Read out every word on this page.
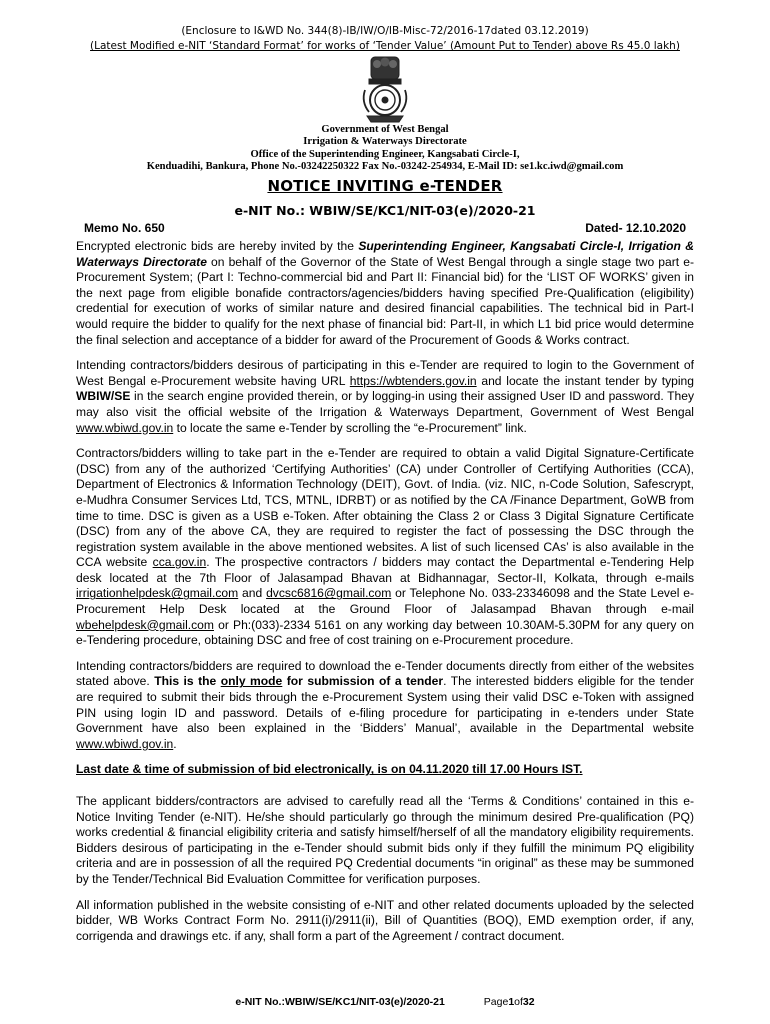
(Enclosure to I&WD No. 344(8)-IB/IW/O/IB-Misc-72/2016-17dated 03.12.2019)
(Latest Modified e-NIT ‘Standard Format’ for works of ‘Tender Value’ (Amount Put to Tender) above Rs 45.0 lakh)
Government of West Bengal
Irrigation & Waterways Directorate
Office of the Superintending Engineer, Kangsabati Circle-I,
Kenduadihi, Bankura, Phone No.-03242250322 Fax No.-03242-254934, E-Mail ID: se1.kc.iwd@gmail.com
NOTICE INVITING e-TENDER
e-NIT No.: WBIW/SE/KC1/NIT-03(e)/2020-21
Memo No. 650	Dated- 12.10.2020

Encrypted electronic bids are hereby invited by the Superintending Engineer, Kangsabati Circle-I, Irrigation & Waterways Directorate on behalf of the Governor of the State of West Bengal through a single stage two part e-Procurement System; (Part I: Techno-commercial bid and Part II: Financial bid) for the ‘LIST OF WORKS’ given in the next page from eligible bonafide contractors/agencies/bidders having specified Pre-Qualification (eligibility) credential for execution of works of similar nature and desired financial capabilities. The technical bid in Part-I would require the bidder to qualify for the next phase of financial bid: Part-II, in which L1 bid price would determine the final selection and acceptance of a bidder for award of the Procurement of Goods & Works contract.

Intending contractors/bidders desirous of participating in this e-Tender are required to login to the Government of West Bengal e-Procurement website having URL https://wbtenders.gov.in and locate the instant tender by typing WBIW/SE in the search engine provided therein, or by logging-in using their assigned User ID and password. They may also visit the official website of the Irrigation & Waterways Department, Government of West Bengal www.wbiwd.gov.in to locate the same e-Tender by scrolling the “e-Procurement” link.

Contractors/bidders willing to take part in the e-Tender are required to obtain a valid Digital Signature-Certificate (DSC) from any of the authorized ‘Certifying Authorities’ (CA) under Controller of Certifying Authorities (CCA), Department of Electronics & Information Technology (DEIT), Govt. of India. (viz. NIC, n-Code Solution, Safescrypt, e-Mudhra Consumer Services Ltd, TCS, MTNL, IDRBT) or as notified by the CA /Finance Department, GoWB from time to time. DSC is given as a USB e-Token. After obtaining the Class 2 or Class 3 Digital Signature Certificate (DSC) from any of the above CA, they are required to register the fact of possessing the DSC through the registration system available in the above mentioned websites. A list of such licensed CAs’ is also available in the CCA website cca.gov.in. The prospective contractors / bidders may contact the Departmental e-Tendering Help desk located at the 7th Floor of Jalasampad Bhavan at Bidhannagar, Sector-II, Kolkata, through e-mails irrigationhelpdesk@gmail.com and dvcsc6816@gmail.com or Telephone No. 033-23346098 and the State Level e-Procurement Help Desk located at the Ground Floor of Jalasampad Bhavan through e-mail wbehelpdesk@gmail.com or Ph:(033)-2334 5161 on any working day between 10.30AM-5.30PM for any query on e-Tendering procedure, obtaining DSC and free of cost training on e-Procurement procedure.

Intending contractors/bidders are required to download the e-Tender documents directly from either of the websites stated above. This is the only mode for submission of a tender. The interested bidders eligible for the tender are required to submit their bids through the e-Procurement System using their valid DSC e-Token with assigned PIN using login ID and password. Details of e-filing procedure for participating in e-tenders under State Government have also been explained in the ‘Bidders’ Manual’, available in the Departmental website www.wbiwd.gov.in.

Last date & time of submission of bid electronically, is on 04.11.2020 till 17.00 Hours IST.

The applicant bidders/contractors are advised to carefully read all the ‘Terms & Conditions’ contained in this e-Notice Inviting Tender (e-NIT). He/she should particularly go through the minimum desired Pre-qualification (PQ) works credential & financial eligibility criteria and satisfy himself/herself of all the mandatory eligibility requirements. Bidders desirous of participating in the e-Tender should submit bids only if they fulfill the minimum PQ eligibility criteria and are in possession of all the required PQ Credential documents “in original” as these may be summoned by the Tender/Technical Bid Evaluation Committee for verification purposes.

All information published in the website consisting of e-NIT and other related documents uploaded by the selected bidder, WB Works Contract Form No. 2911(i)/2911(ii), Bill of Quantities (BOQ), EMD exemption order, if any, corrigenda and drawings etc. if any, shall form a part of the Agreement / contract document.

e-NIT No.:WBIW/SE/KC1/NIT-03(e)/2020-21	Page1of32
